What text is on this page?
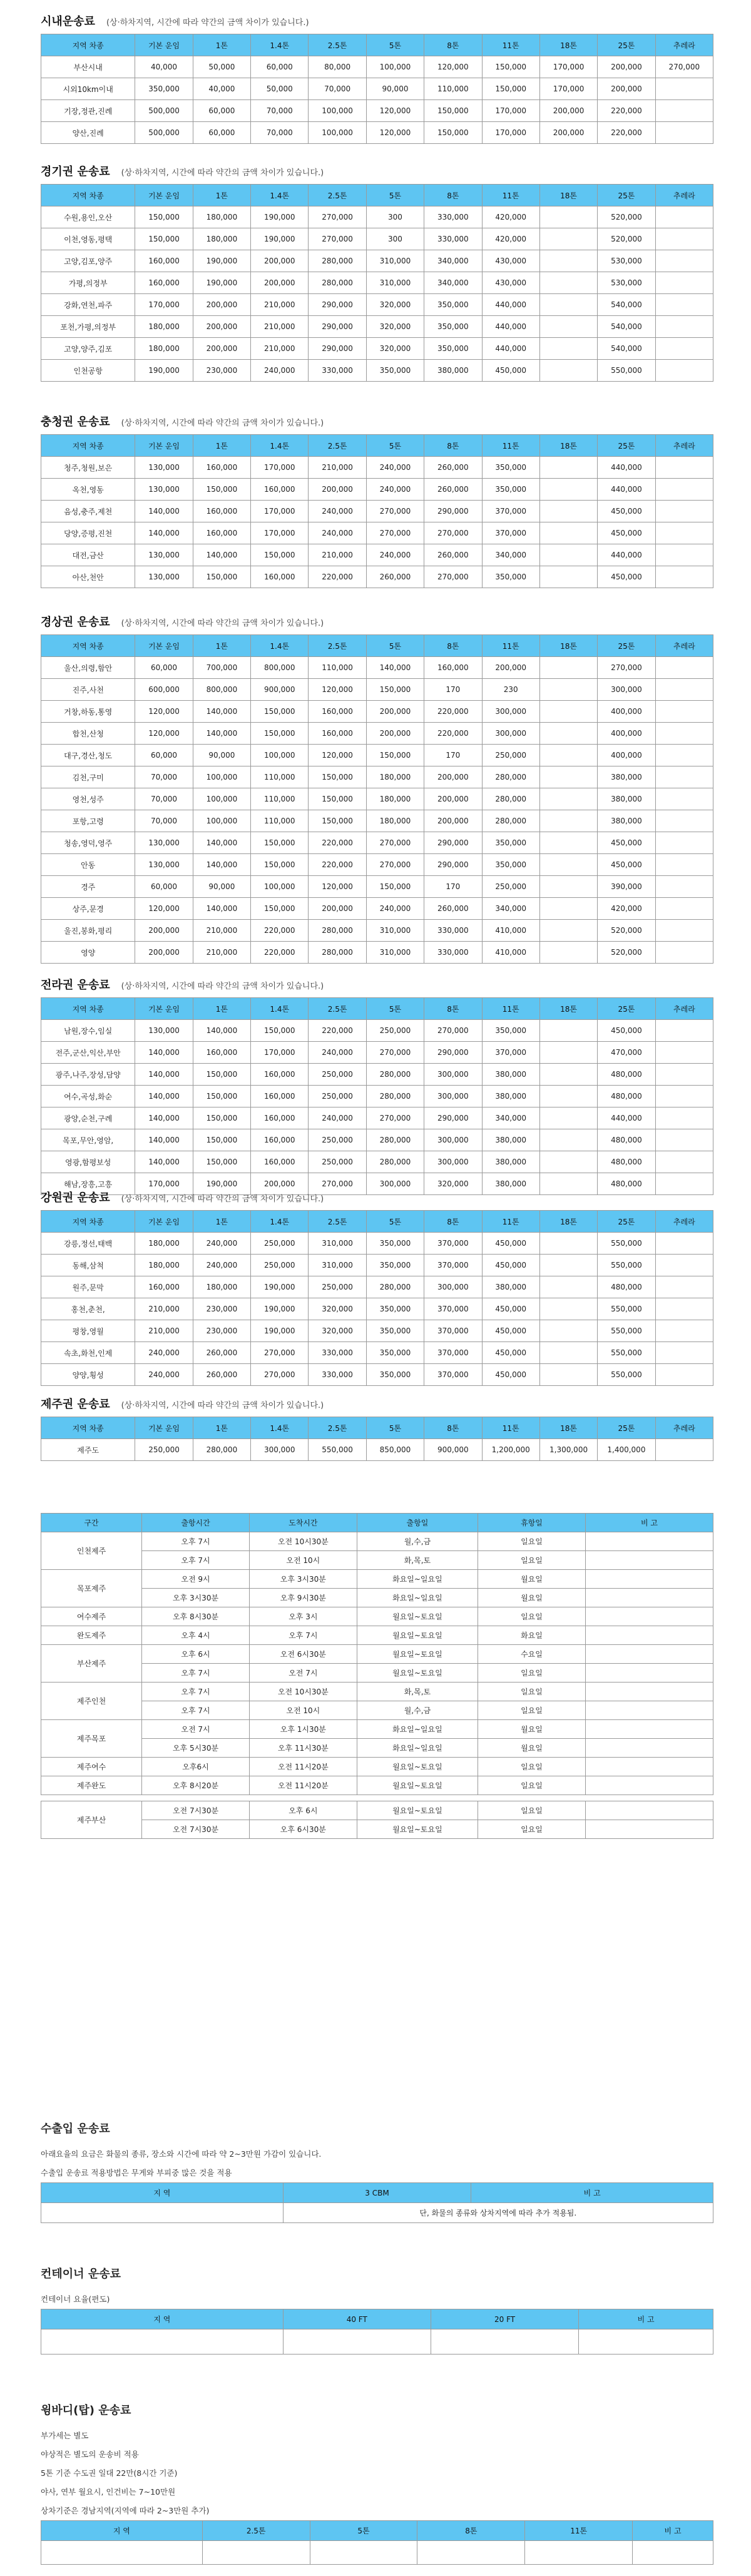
시내운송료 (상·하차지역, 시간에 따라 약간의 금액 차이가 있습니다.)
지역 차종	기본 운임	1톤	1.4톤	2.5톤	5톤	8톤	11톤	18톤	25톤	추레라
부산시내	40,000	50,000	60,000	80,000	100,000	120,000	150,000	170,000	200,000	270,000
시외10km이내	350,000	40,000	50,000	70,000	90,000	110,000	150,000	170,000	200,000	
기장,정관,진례	500,000	60,000	70,000	100,000	120,000	150,000	170,000	200,000	220,000	
양산,진례	500,000	60,000	70,000	100,000	120,000	150,000	170,000	200,000	220,000	
경기권 운송료 (상·하차지역, 시간에 따라 약간의 금액 차이가 있습니다.)
지역 차종	기본 운임	1톤	1.4톤	2.5톤	5톤	8톤	11톤	18톤	25톤	추레라
수원,용인,오산	150,000	180,000	190,000	270,000	300	330,000	420,000		520,000	
이천,영동,평택	150,000	180,000	190,000	270,000	300	330,000	420,000		520,000	
고양,김포,양주	160,000	190,000	200,000	280,000	310,000	340,000	430,000		530,000	
가평,의정부	160,000	190,000	200,000	280,000	310,000	340,000	430,000		530,000	
강화,연천,파주	170,000	200,000	210,000	290,000	320,000	350,000	440,000		540,000	
포천,가평,의정부	180,000	200,000	210,000	290,000	320,000	350,000	440,000		540,000	
고양,양주,김포	180,000	200,000	210,000	290,000	320,000	350,000	440,000		540,000	
인천공항	190,000	230,000	240,000	330,000	350,000	380,000	450,000		550,000	
충청권 운송료 (상·하차지역, 시간에 따라 약간의 금액 차이가 있습니다.)
지역 차종	기본 운임	1톤	1.4톤	2.5톤	5톤	8톤	11톤	18톤	25톤	추레라
청주,청원,보은	130,000	160,000	170,000	210,000	240,000	260,000	350,000		440,000	
옥천,영동	130,000	150,000	160,000	200,000	240,000	260,000	350,000		440,000	
음성,충주,제천	140,000	160,000	170,000	240,000	270,000	290,000	370,000		450,000	
당양,증평,진천	140,000	160,000	170,000	240,000	270,000	270,000	370,000		450,000	
대전,금산	130,000	140,000	150,000	210,000	240,000	260,000	340,000		440,000	
아산,천안	130,000	150,000	160,000	220,000	260,000	270,000	350,000		450,000	
경상권 운송료 (상·하차지역, 시간에 따라 약간의 금액 차이가 있습니다.)
지역 차종	기본 운임	1톤	1.4톤	2.5톤	5톤	8톤	11톤	18톤	25톤	추레라
울산,의령,함안	60,000	700,000	800,000	110,000	140,000	160,000	200,000		270,000	
진주,사천	600,000	800,000	900,000	120,000	150,000	170	230		300,000	
거창,하동,통영	120,000	140,000	150,000	160,000	200,000	220,000	300,000		400,000	
합천,산청	120,000	140,000	150,000	160,000	200,000	220,000	300,000		400,000	
대구,경산,청도	60,000	90,000	100,000	120,000	150,000	170	250,000		400,000	
김천,구미	70,000	100,000	110,000	150,000	180,000	200,000	280,000		380,000	
영천,성주	70,000	100,000	110,000	150,000	180,000	200,000	280,000		380,000	
포항,고령	70,000	100,000	110,000	150,000	180,000	200,000	280,000		380,000	
청송,영덕,영주	130,000	140,000	150,000	220,000	270,000	290,000	350,000		450,000	
안동	130,000	140,000	150,000	220,000	270,000	290,000	350,000		450,000	
경주	60,000	90,000	100,000	120,000	150,000	170	250,000		390,000	
상주,문경	120,000	140,000	150,000	200,000	240,000	260,000	340,000		420,000	
울진,봉화,평리	200,000	210,000	220,000	280,000	310,000	330,000	410,000		520,000	
영양	200,000	210,000	220,000	280,000	310,000	330,000	410,000		520,000	
전라권 운송료 (상·하차지역, 시간에 따라 약간의 금액 차이가 있습니다.)
지역 차종	기본 운임	1톤	1.4톤	2.5톤	5톤	8톤	11톤	18톤	25톤	추레라
남원,장수,임실	130,000	140,000	150,000	220,000	250,000	270,000	350,000		450,000	
전주,군산,익산,부안	140,000	160,000	170,000	240,000	270,000	290,000	370,000		470,000	
광주,나주,장성,담양	140,000	150,000	160,000	250,000	280,000	300,000	380,000		480,000	
여수,곡성,화순	140,000	150,000	160,000	250,000	280,000	300,000	380,000		480,000	
광양,순천,구례	140,000	150,000	160,000	240,000	270,000	290,000	340,000		440,000	
목포,무안,영암,	140,000	150,000	160,000	250,000	280,000	300,000	380,000		480,000	
영광,함평보성	140,000	150,000	160,000	250,000	280,000	300,000	380,000		480,000	
해남,장흥,고흥	170,000	190,000	200,000	270,000	300,000	320,000	380,000		480,000	
강원권 운송료 (상·하차지역, 시간에 따라 약간의 금액 차이가 있습니다.)
지역 차종	기본 운임	1톤	1.4톤	2.5톤	5톤	8톤	11톤	18톤	25톤	추레라
강릉,정선,태백	180,000	240,000	250,000	310,000	350,000	370,000	450,000		550,000	
동해,삼척	180,000	240,000	250,000	310,000	350,000	370,000	450,000		550,000	
원주,문막	160,000	180,000	190,000	250,000	280,000	300,000	380,000		480,000	
홍천,춘천,	210,000	230,000	190,000	320,000	350,000	370,000	450,000		550,000	
평창,영월	210,000	230,000	190,000	320,000	350,000	370,000	450,000		550,000	
속초,화천,인제	240,000	260,000	270,000	330,000	350,000	370,000	450,000		550,000	
양양,횡성	240,000	260,000	270,000	330,000	350,000	370,000	450,000		550,000	
제주권 운송료 (상·하차지역, 시간에 따라 약간의 금액 차이가 있습니다.)
지역 차종	기본 운임	1톤	1.4톤	2.5톤	5톤	8톤	11톤	18톤	25톤	추레라
제주도	250,000	280,000	300,000	550,000	850,000	900,000	1,200,000	1,300,000	1,400,000	
구간	출항시간	도착시간	출항일	휴항일	비 고
인천제주	오후 7시	오전 10시30분	월,수,금	일요일	
	오후 7시	오전 10시	화,목,토	일요일	
목포제주	오전 9시	오후 3시30분	화요일~일요일	월요일	
	오후 3시30분	오후 9시30분	화요일~일요일	월요일	
여수제주	오후 8시30분	오후 3시	월요일~토요일	일요일	
완도제주	오후 4시	오후 7시	월요일~토요일	화요일	
부산제주	오후 6시	오전 6시30분	월요일~토요일	수요일	
	오후 7시	오전 7시	월요일~토요일	일요일	
제주인천	오후 7시	오전 10시30분	화,목,토	일요일	
	오후 7시	오전 10시	월,수,금	일요일	
제주목포	오전 7시	오후 1시30분	화요일~일요일	월요일	
	오후 5시30분	오후 11시30분	화요일~일요일	월요일	
제주여수	오후6시	오전 11시20분	월요일~토요일	일요일	
제주완도	오후 8시20분	오전 11시20분	월요일~토요일	일요일	

제주부산	오전 7시30분	오후 6시	월요일~토요일	일요일	
	오전 7시30분	오후 6시30분	월요일~토요일	일요일	
수출입 운송료
아래요율의 요금은 화물의 종류, 장소와 시간에 따라 약 2~3만원 가감이 있습니다.
수출입 운송료 적용방법은 무게와 부피중 많은 것을 적용
지 역	3 CBM	비 고
	단, 화물의 종류와 상차지역에 따라 추가 적용됨.	
컨테이너 운송료
컨테이너 요율(편도)
지 역	40 FT	20 FT	비 고

윙바디(탑) 운송료
부가세는 별도
야상적은 별도의 운송비 적용
5톤 기준 수도권 일대 22만(8시간 기준)
야사, 연부 월요시, 인건비는 7~10만원
상차기준은 경남지역(지역에 따라 2~3만원 추가)
지 역	2.5톤	5톤	8톤	11톤	비 고
